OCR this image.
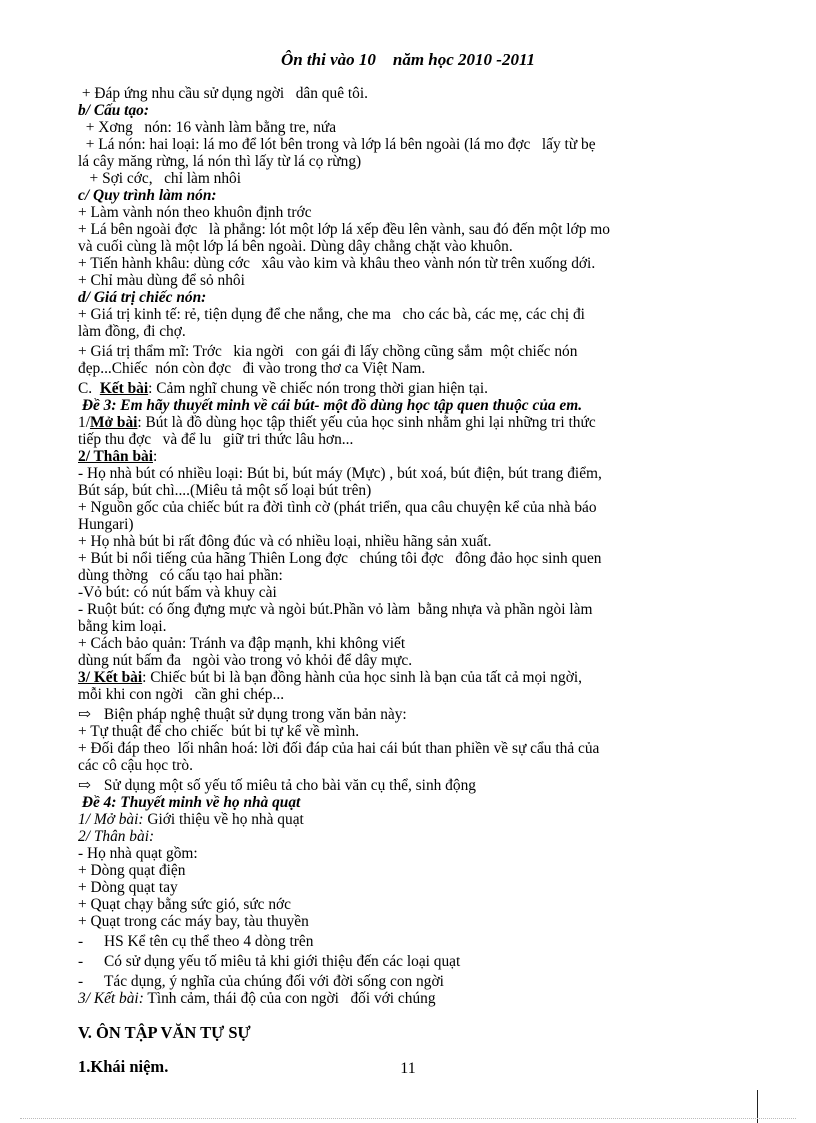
Ôn thi vào 10    năm học 2010 -2011

+ Đáp ứng nhu cầu sử dụng ngời   dân quê tôi.

b/ Cấu tạo:

+ Xơng   nón: 16 vành làm bằng tre, nứa

+ Lá nón: hai loại: lá mo để lót bên trong và lớp lá bên ngoài (lá mo đợc   lấy từ bẹ

lá cây măng rừng, lá nón thì lấy từ lá cọ rừng)

+ Sợi cớc,   chỉ làm nhôi

c/ Quy trình làm nón:

+ Làm vành nón theo khuôn định trớc

+ Lá bên ngoài đợc   là phẳng: lót một lớp lá xếp đều lên vành, sau đó đến một lớp mo

và cuối cùng là một lớp lá bên ngoài. Dùng dây chằng chặt vào khuôn.

+ Tiến hành khâu: dùng cớc   xâu vào kim và khâu theo vành nón từ trên xuống dới.

+ Chỉ màu dùng để sỏ nhôi

d/ Giá trị chiếc nón:

+ Giá trị kinh tế: rẻ, tiện dụng để che nắng, che ma   cho các bà, các mẹ, các chị đi

làm đồng, đi chợ.

+ Giá trị thẩm mĩ: Trớc   kia ngời   con gái đi lấy chồng cũng sắm  một chiếc nón

đẹp...Chiếc  nón còn đợc   đi vào trong thơ ca Việt Nam.

C.  Kết bài: Cảm nghĩ chung về chiếc nón trong thời gian hiện tại.

Đề 3: Em hãy thuyết minh về cái bút- một đồ dùng học tập quen thuộc của em.

1/Mở bài: Bút là đồ dùng học tập thiết yếu của học sinh nhằm ghi lại những tri thức

tiếp thu đợc   và để lu   giữ tri thức lâu hơn...

2/ Thân bài:

- Họ nhà bút có nhiều loại: Bút bi, bút máy (Mực) , bút xoá, bút điện, bút trang điểm,

Bút sáp, bút chì....(Miêu tả một số loại bút trên)

+ Nguồn gốc của chiếc bút ra đời tình cờ (phát triển, qua câu chuyện kể của nhà báo

Hungari)

+ Họ nhà bút bi rất đông đúc và có nhiều loại, nhiều hãng sản xuất.

+ Bút bi nổi tiếng của hãng Thiên Long đợc   chúng tôi đợc   đông đảo học sinh quen

dùng thờng   có cấu tạo hai phần:

-Vỏ bút: có nút bấm và khuy cài

- Ruột bút: có ống đựng mực và ngòi bút.Phần vỏ làm  bằng nhựa và phần ngòi làm

bằng kim loại.

+ Cách bảo quản: Tránh va đập mạnh, khi không viết

dùng nút bấm đa   ngòi vào trong vỏ khỏi để dây mực.

3/ Kết bài: Chiếc bút bi là bạn đồng hành của học sinh là bạn của tất cả mọi ngời,

mỗi khi con ngời   cần ghi chép...

⇨ Biện pháp nghệ thuật sử dụng trong văn bản này:

+ Tự thuật để cho chiếc  bút bi tự kể về mình.

+ Đối đáp theo  lối nhân hoá: lời đối đáp của hai cái bút than phiền về sự cẩu thả của

các cô cậu học trò.

⇨ Sử dụng một số yếu tố miêu tả cho bài văn cụ thể, sinh động

Đề 4: Thuyết minh về họ nhà quạt

1/ Mở bài: Giới thiệu về họ nhà quạt

2/ Thân bài:

- Họ nhà quạt gồm:

+ Dòng quạt điện

+ Dòng quạt tay

+ Quạt chạy bằng sức gió, sức nớc

+ Quạt trong các máy bay, tàu thuyền

- HS Kể tên cụ thể theo 4 dòng trên

- Có sử dụng yếu tố miêu tả khi giới thiệu đến các loại quạt

- Tác dụng, ý nghĩa của chúng đối với đời sống con ngời

3/ Kết bài: Tình cảm, thái độ của con ngời   đối với chúng

V. ÔN TẬP VĂN TỰ SỰ

1.Khái niệm.	11
